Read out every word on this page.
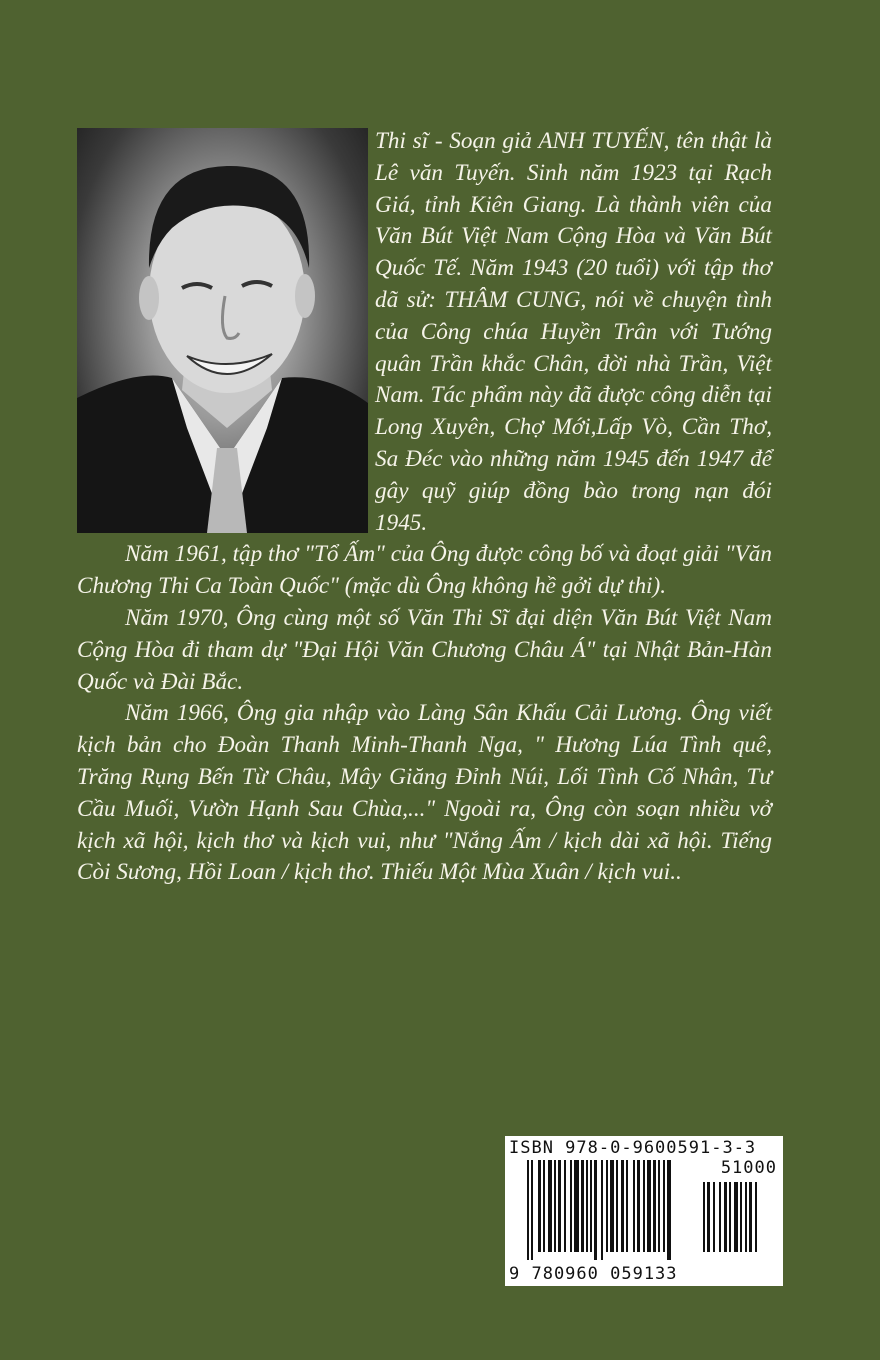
Thi sĩ - Soạn giả ANH TUYẾN, tên thật là Lê văn Tuyến. Sinh năm 1923 tại Rạch Giá, tỉnh Kiên Giang. Là thành viên của Văn Bút Việt Nam Cộng Hòa và Văn Bút Quốc Tế. Năm 1943 (20 tuổi) với tập thơ dã sử: THÂM CUNG, nói về chuyện tình của Công chúa Huyền Trân với Tướng quân Trần khắc Chân, đời nhà Trần, Việt Nam. Tác phẩm này đã được công diễn tại Long Xuyên, Chợ Mới,Lấp Vò, Cần Thơ, Sa Đéc vào những năm 1945 đến 1947 để gây quỹ giúp đồng bào trong nạn đói 1945.

Năm 1961, tập thơ "Tổ Ấm" của Ông được công bố và đoạt giải "Văn Chương Thi Ca Toàn Quốc" (mặc dù Ông không hề gởi dự thi).

Năm 1970, Ông cùng một số Văn Thi Sĩ đại diện Văn Bút Việt Nam Cộng Hòa đi tham dự "Đại Hội Văn Chương Châu Á" tại Nhật Bản-Hàn Quốc và Đài Bắc.

Năm 1966, Ông gia nhập vào Làng Sân Khấu Cải Lương. Ông viết kịch bản cho Đoàn Thanh Minh-Thanh Nga, " Hương Lúa Tình quê, Trăng Rụng Bến Từ Châu, Mây Giăng Đỉnh Núi, Lối Tình Cố Nhân, Tư Cầu Muối, Vườn Hạnh Sau Chùa,..." Ngoài ra, Ông còn soạn nhiều vở kịch xã hội, kịch thơ và kịch vui, như "Nắng Ấm / kịch dài xã hội. Tiếng Còi Sương, Hồi Loan / kịch thơ. Thiếu Một Mùa Xuân / kịch vui..

ISBN 978-0-9600591-3-3
51000
9 780960 059133
